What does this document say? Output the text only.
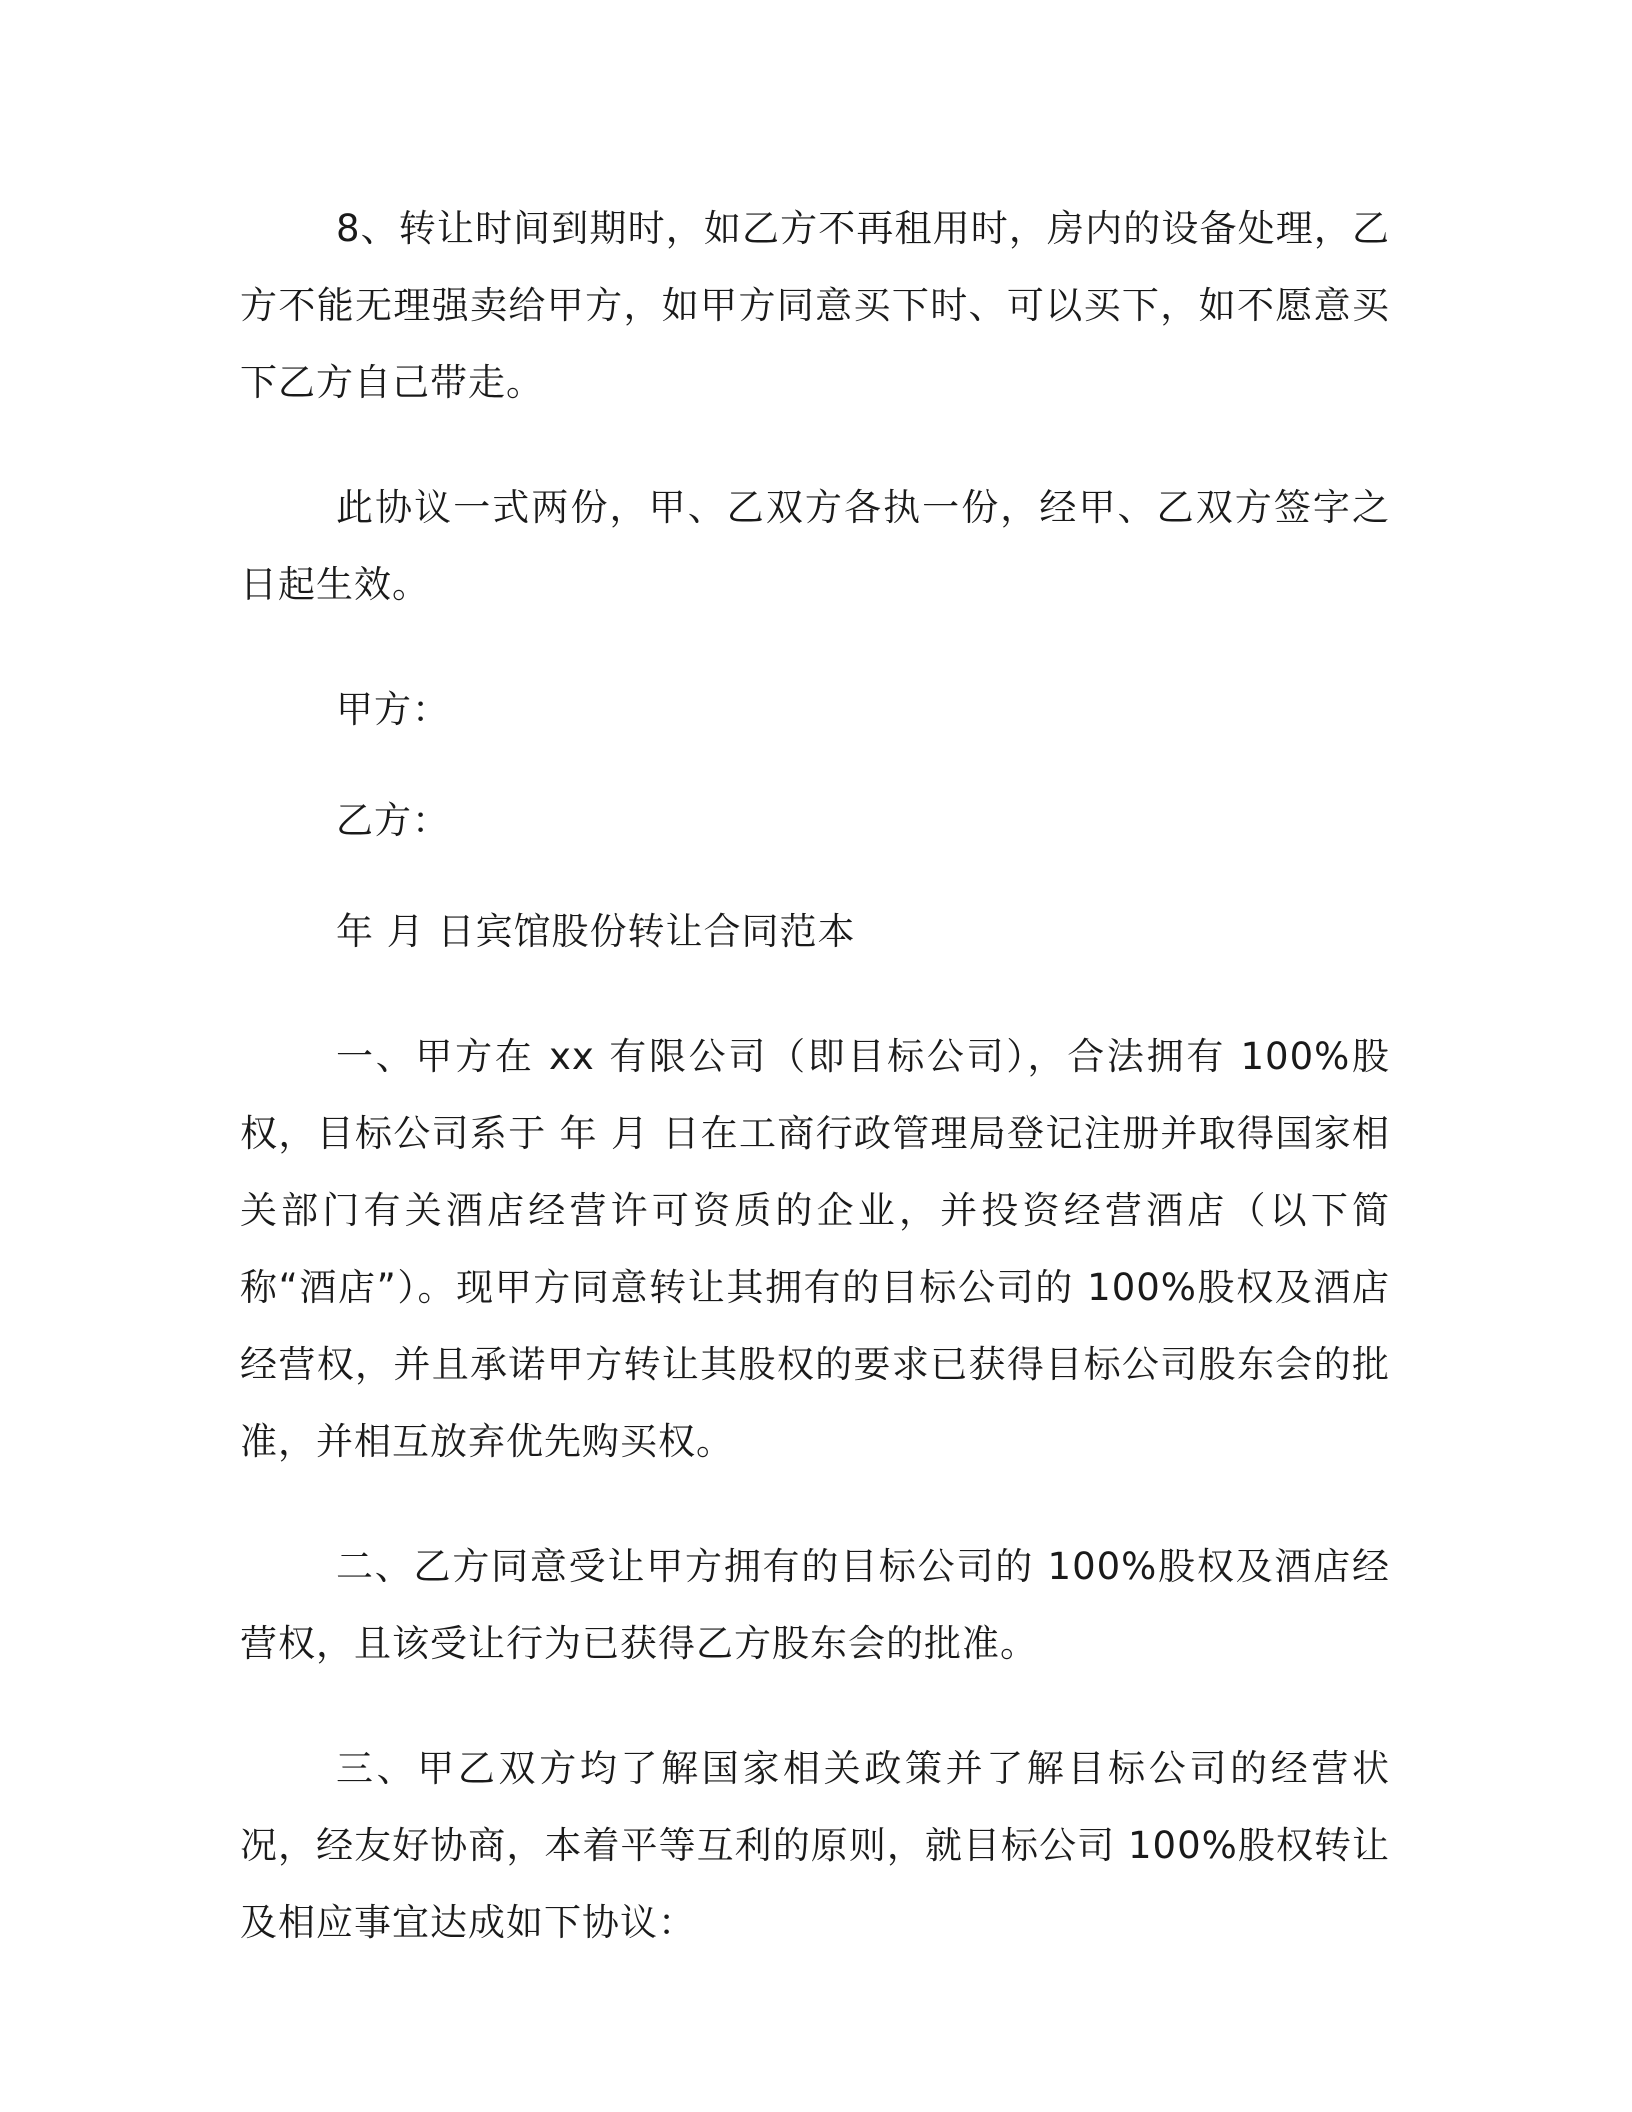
8、转让时间到期时，如乙方不再租用时，房内的设备处理，乙方不能无理强卖给甲方，如甲方同意买下时、可以买下，如不愿意买下乙方自己带走。

此协议一式两份，甲、乙双方各执一份，经甲、乙双方签字之日起生效。

甲方：

乙方：

年 月 日宾馆股份转让合同范本

一、甲方在 xx 有限公司（即目标公司），合法拥有 100%股权，目标公司系于 年 月 日在工商行政管理局登记注册并取得国家相关部门有关酒店经营许可资质的企业，并投资经营酒店（以下简称“酒店”）。现甲方同意转让其拥有的目标公司的 100%股权及酒店经营权，并且承诺甲方转让其股权的要求已获得目标公司股东会的批准，并相互放弃优先购买权。

二、乙方同意受让甲方拥有的目标公司的 100%股权及酒店经营权，且该受让行为已获得乙方股东会的批准。

三、甲乙双方均了解国家相关政策并了解目标公司的经营状况，经友好协商，本着平等互利的原则，就目标公司 100%股权转让及相应事宜达成如下协议：
